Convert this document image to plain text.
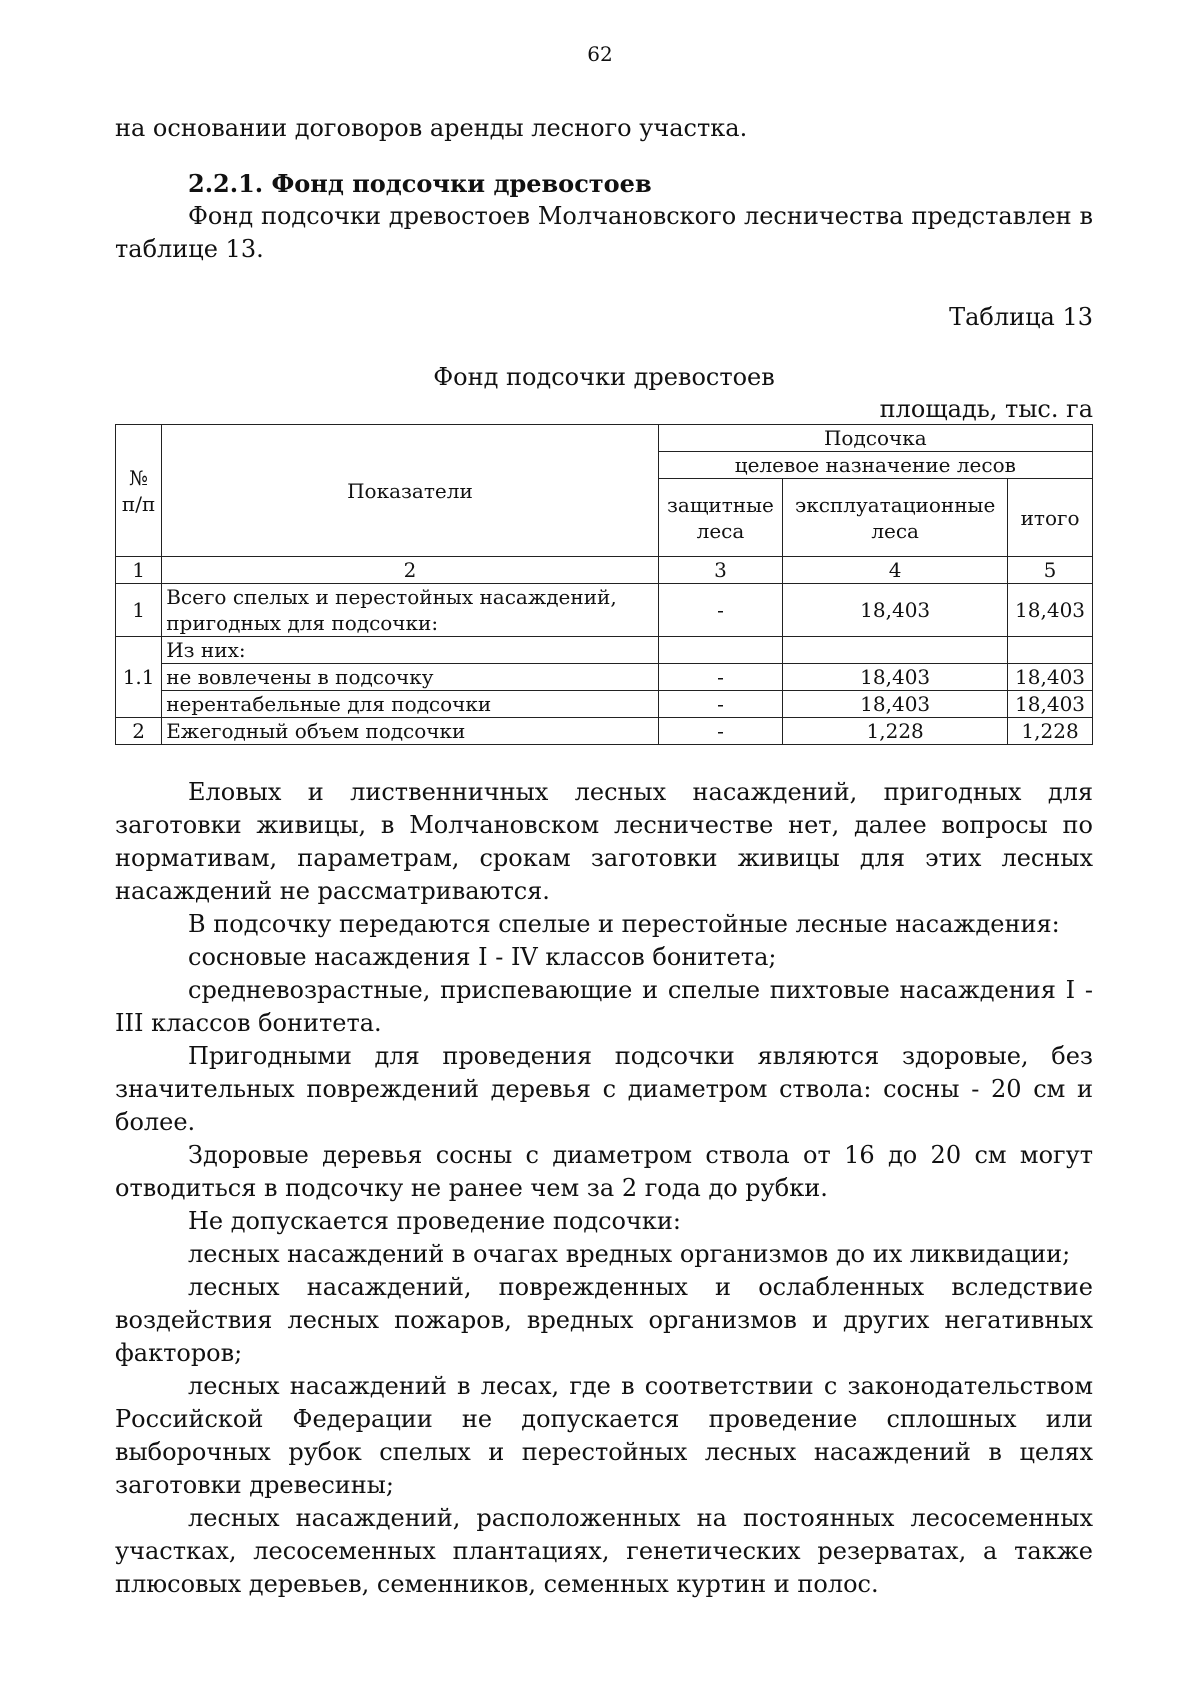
62

на основании договоров аренды лесного участка.

2.2.1. Фонд подсочки древостоев

Фонд подсочки древостоев Молчановского лесничества представлен в таблице 13.

Таблица 13

Фонд подсочки древостоев

площадь, тыс. га

№ п/п	Показатели	Подсочка		
		целевое назначение лесов		
		защитные леса	эксплуатационные леса	итого
1	2	3	4	5
1	Всего спелых и перестойных насаждений, пригодных для подсочки:	-	18,403	18,403
1.1	Из них:			
	не вовлечены в подсочку	-	18,403	18,403
	нерентабельные для подсочки	-	18,403	18,403
2	Ежегодный объем подсочки	-	1,228	1,228

Еловых и лиственничных лесных насаждений, пригодных для заготовки живицы, в Молчановском лесничестве нет, далее вопросы по нормативам, параметрам, срокам заготовки живицы для этих лесных насаждений не рассматриваются.

В подсочку передаются спелые и перестойные лесные насаждения:

сосновые насаждения I - IV классов бонитета;

средневозрастные, приспевающие и спелые пихтовые насаждения I - III классов бонитета.

Пригодными для проведения подсочки являются здоровые, без значительных повреждений деревья с диаметром ствола: сосны - 20 см и более.

Здоровые деревья сосны с диаметром ствола от 16 до 20 см могут отводиться в подсочку не ранее чем за 2 года до рубки.

Не допускается проведение подсочки:

лесных насаждений в очагах вредных организмов до их ликвидации;

лесных насаждений, поврежденных и ослабленных вследствие воздействия лесных пожаров, вредных организмов и других негативных факторов;

лесных насаждений в лесах, где в соответствии с законодательством Российской Федерации не допускается проведение сплошных или выборочных рубок спелых и перестойных лесных насаждений в целях заготовки древесины;

лесных насаждений, расположенных на постоянных лесосеменных участках, лесосеменных плантациях, генетических резерватах, а также плюсовых деревьев, семенников, семенных куртин и полос.
